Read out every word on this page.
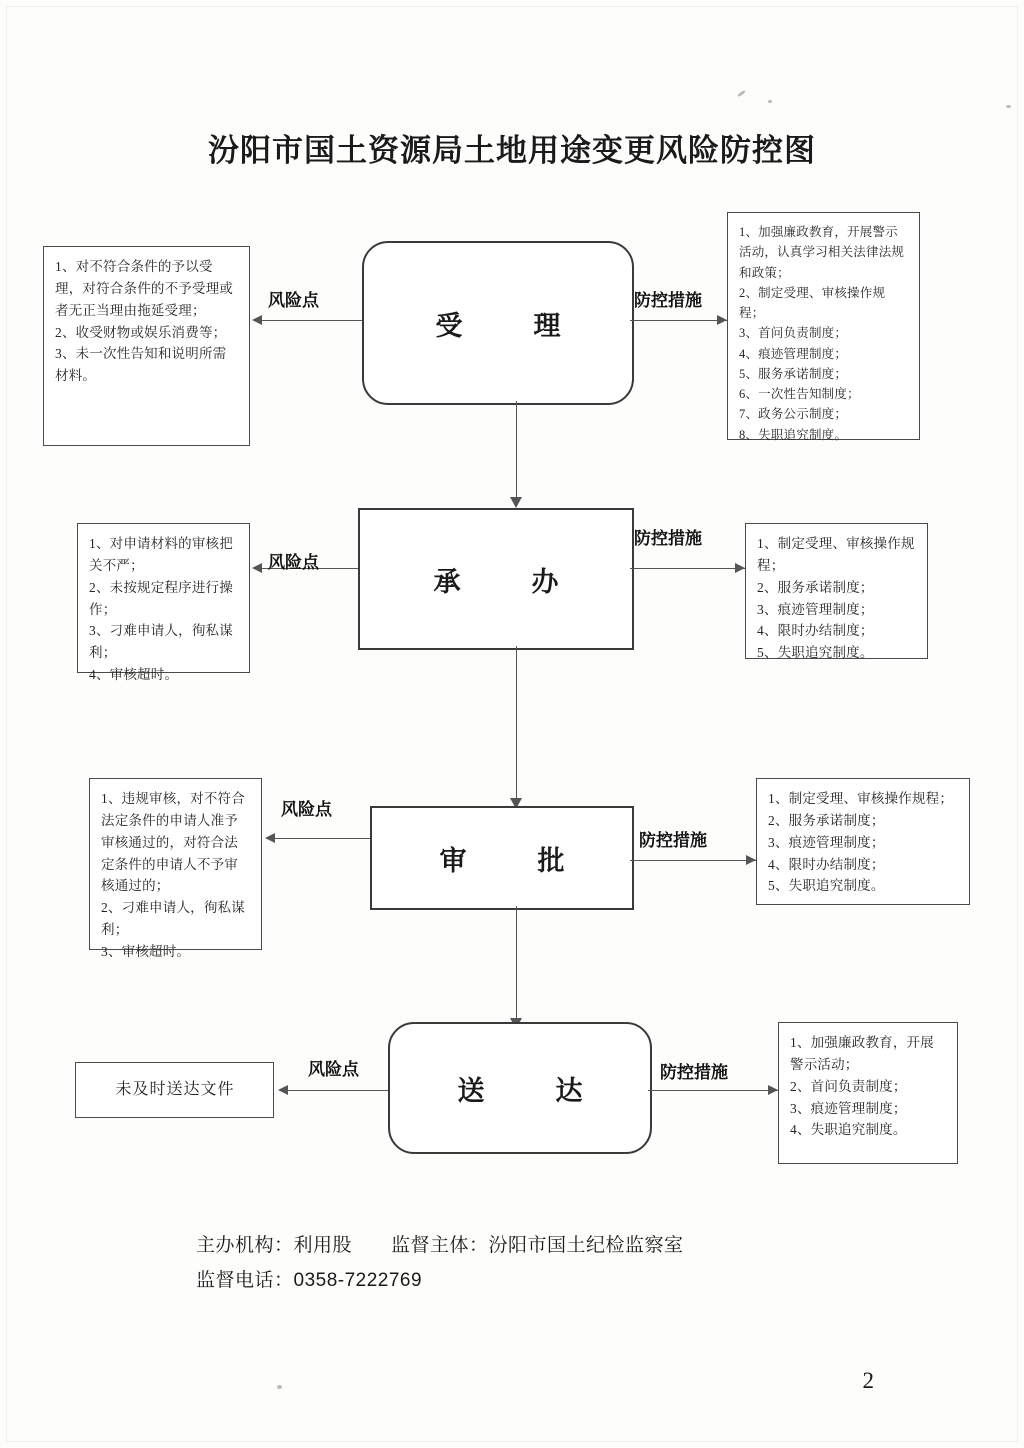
汾阳市国土资源局土地用途变更风险防控图
受　理

1、对不符合条件的予以受理，对符合条件的不予受理或者无正当理由拖延受理；

2、收受财物或娱乐消费等；

3、未一次性告知和说明所需材料。

1、加强廉政教育，开展警示活动，认真学习相关法律法规和政策；

2、制定受理、审核操作规程；

3、首问负责制度；

4、痕迹管理制度；

5、服务承诺制度；

6、一次性告知制度；

7、政务公示制度；

8、失职追究制度。

风险点	防控措施
承　办

1、对申请材料的审核把关不严；

2、未按规定程序进行操作；

3、刁难申请人，徇私谋利；

4、审核超时。

1、制定受理、审核操作规程；

2、服务承诺制度；

3、痕迹管理制度；

4、限时办结制度；

5、失职追究制度。

风险点
防控措施
审　批

1、违规审核，对不符合法定条件的申请人准予审核通过的，对符合法定条件的申请人不予审核通过的；

2、刁难申请人，徇私谋利；

3、审核超时。

1、制定受理、审核操作规程；

2、服务承诺制度；

3、痕迹管理制度；

4、限时办结制度；

5、失职追究制度。

风险点
防控措施
送　达
未及时送达文件

1、加强廉政教育，开展警示活动；

2、首问负责制度；

3、痕迹管理制度；

4、失职追究制度。

风险点	防控措施
主办机构：利用股　　监督主体：汾阳市国土纪检监察室
监督电话：0358-7222769
2
